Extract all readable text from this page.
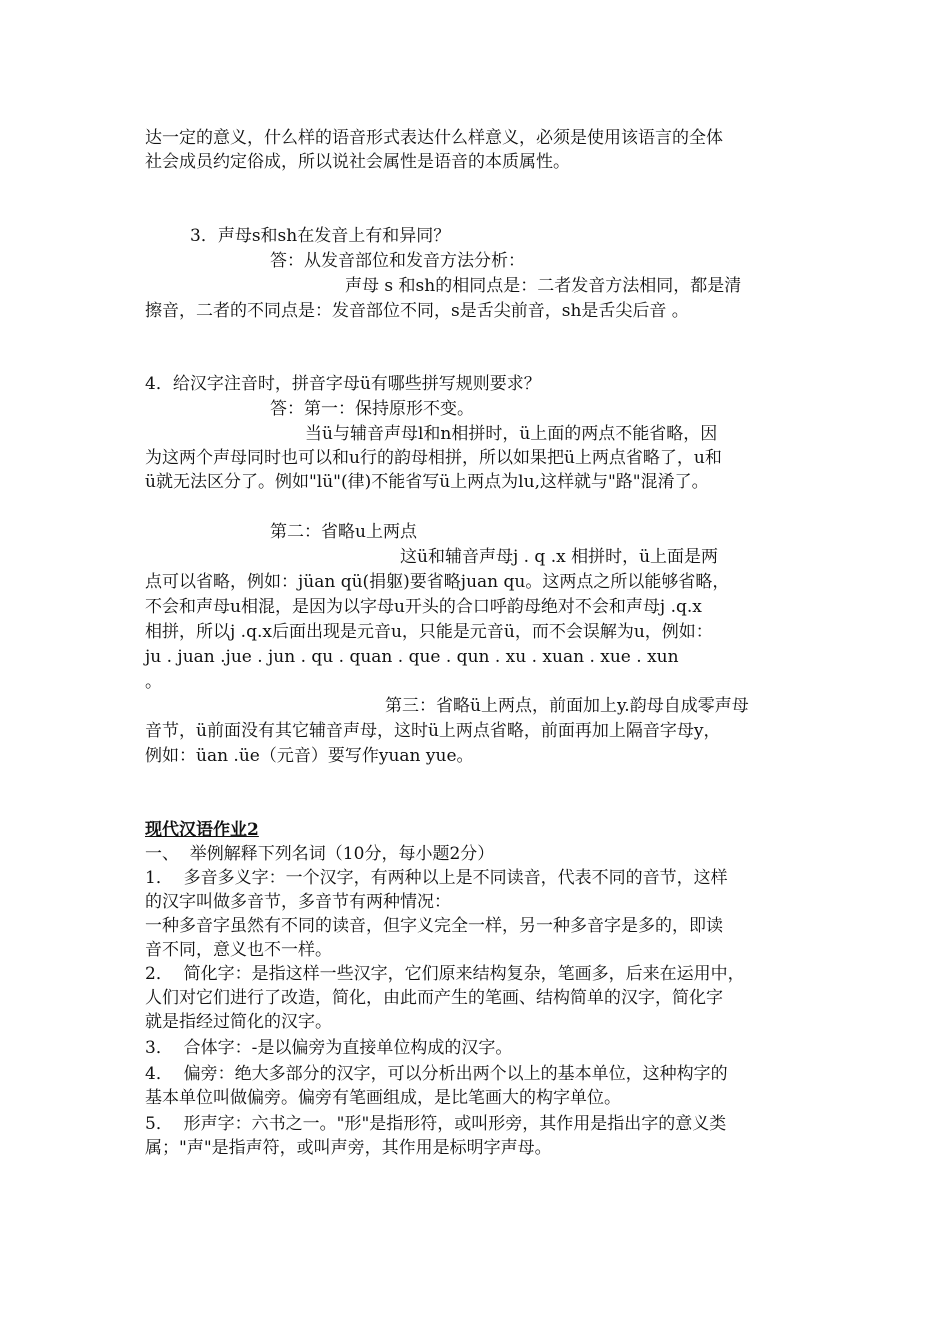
达一定的意义，什么样的语音形式表达什么样意义，必须是使用该语言的全体

社会成员约定俗成，所以说社会属性是语音的本质属性。

3．声母s和sh在发音上有和异同？

答：从发音部位和发音方法分析：

声母 s 和sh的相同点是：二者发音方法相同，都是清

擦音，二者的不同点是：发音部位不同，s是舌尖前音，sh是舌尖后音 。

4．给汉字注音时，拼音字母ü有哪些拼写规则要求？

答：第一：保持原形不变。

当ü与辅音声母l和n相拼时，ü上面的两点不能省略，因

为这两个声母同时也可以和u行的韵母相拼，所以如果把ü上两点省略了，u和

ü就无法区分了。例如"lü"(律)不能省写ü上两点为lu,这样就与"路"混淆了。

第二：省略u上两点

这ü和辅音声母j . q .x 相拼时，ü上面是两

点可以省略，例如：jüan qü(捐躯)要省略juan qu。这两点之所以能够省略，

不会和声母u相混，是因为以字母u开头的合口呼韵母绝对不会和声母j .q.x

相拼，所以j .q.x后面出现是元音u，只能是元音ü，而不会误解为u，例如：

ju . juan .jue . jun . qu . quan . que . qun . xu . xuan . xue . xun

。

第三：省略ü上两点，前面加上y.韵母自成零声母

音节，ü前面没有其它辅音声母，这时ü上两点省略，前面再加上隔音字母y，

例如：üan .üe（元音）要写作yuan yue。

现代汉语作业2

一、  举例解释下列名词（10分，每小题2分）

1．  多音多义字：一个汉字，有两种以上是不同读音，代表不同的音节，这样

的汉字叫做多音节，多音节有两种情况：

一种多音字虽然有不同的读音，但字义完全一样，另一种多音字是多的，即读

音不同，意义也不一样。

2．  简化字：是指这样一些汉字，它们原来结构复杂，笔画多，后来在运用中，

人们对它们进行了改造，简化，由此而产生的笔画、结构简单的汉字，简化字

就是指经过简化的汉字。

3．  合体字：-是以偏旁为直接单位构成的汉字。

4．  偏旁：绝大多部分的汉字，可以分析出两个以上的基本单位，这种构字的

基本单位叫做偏旁。偏旁有笔画组成，是比笔画大的构字单位。

5．  形声字：六书之一。"形"是指形符，或叫形旁，其作用是指出字的意义类

属；"声"是指声符，或叫声旁，其作用是标明字声母。
